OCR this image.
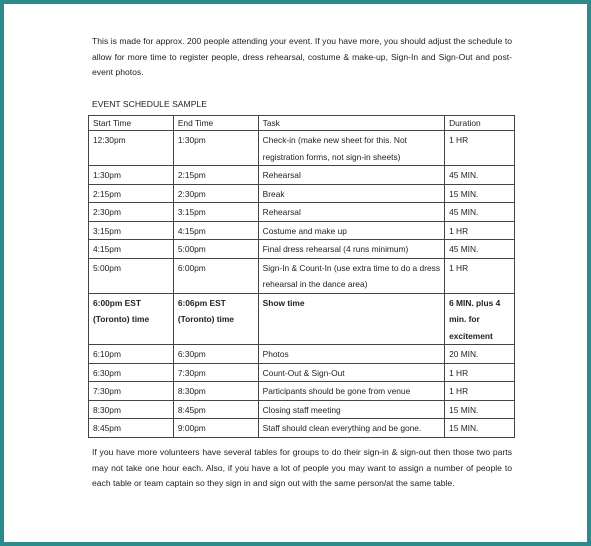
This is made for approx. 200 people attending your event. If you have more, you should adjust the schedule to allow for more time to register people, dress rehearsal, costume & make-up, Sign-In and Sign-Out and post-event photos.
EVENT SCHEDULE SAMPLE
Start Time	End Time	Task	Duration
12:30pm	1:30pm	Check-in (make new sheet for this. Not registration forms, not sign-in sheets)	1 HR
1:30pm	2:15pm	Rehearsal	45 MIN.
2:15pm	2:30pm	Break	15 MIN.
2:30pm	3:15pm	Rehearsal	45 MIN.
3:15pm	4:15pm	Costume and make up	1 HR
4:15pm	5:00pm	Final dress rehearsal (4 runs minimum)	45 MIN.
5:00pm	6:00pm	Sign-In & Count-In (use extra time to do a dress rehearsal in the dance area)	1 HR
6:00pm EST (Toronto) time	6:06pm EST (Toronto) time	Show time	6 MIN. plus 4 min. for excitement
6:10pm	6:30pm	Photos	20 MIN.
6:30pm	7:30pm	Count-Out & Sign-Out	1 HR
7:30pm	8:30pm	Participants should be gone from venue	1 HR
8:30pm	8:45pm	Closing staff meeting	15 MIN.
8:45pm	9:00pm	Staff should clean everything and be gone.	15 MIN.
If you have more volunteers have several tables for groups to do their sign-in & sign-out then those two parts may not take one hour each. Also, if you have a lot of people you may want to assign a number of people to each table or team captain so they sign in and sign out with the same person/at the same table.
